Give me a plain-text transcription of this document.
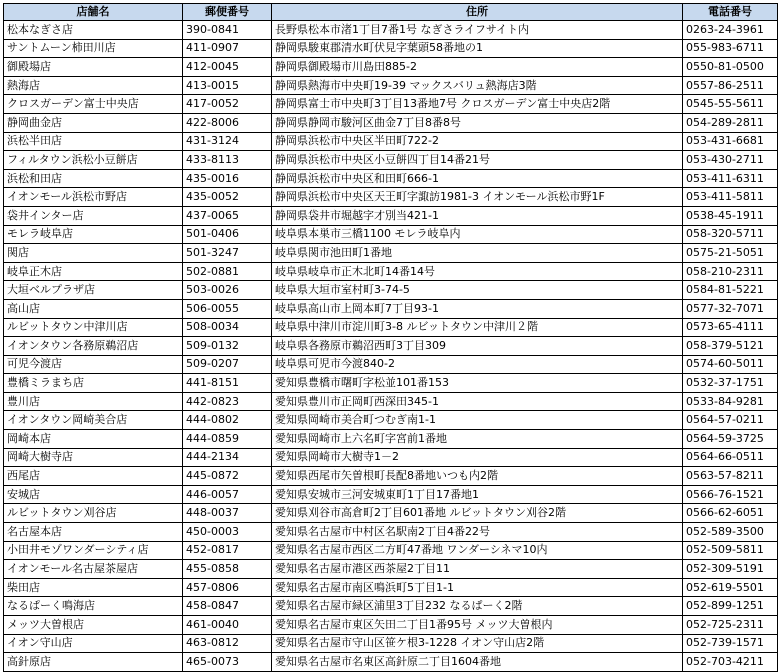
店舗名	郵便番号	住所	電話番号
松本なぎさ店	390-0841	長野県松本市渚1丁目7番1号 なぎさライフサイト内	0263-24-3961
サントムーン柿田川店	411-0907	静岡県駿東郡清水町伏見字葉頭58番地の1	055-983-6711
御殿場店	412-0045	静岡県御殿場市川島田885-2	0550-81-0500
熱海店	413-0015	静岡県熱海市中央町19-39 マックスバリュ熱海店3階	0557-86-2511
クロスガーデン富士中央店	417-0052	静岡県富士市中央町3丁目13番地7号 クロスガーデン富士中央店2階	0545-55-5611
静岡曲金店	422-8006	静岡県静岡市駿河区曲金7丁目8番8号	054-289-2811
浜松半田店	431-3124	静岡県浜松市中央区半田町722-2	053-431-6681
フィルタウン浜松小豆餅店	433-8113	静岡県浜松市中央区小豆餅四丁目14番21号	053-430-2711
浜松和田店	435-0016	静岡県浜松市中央区和田町666-1	053-411-6311
イオンモール浜松市野店	435-0052	静岡県浜松市中央区天王町字諏訪1981-3 イオンモール浜松市野1F	053-411-5811
袋井インター店	437-0065	静岡県袋井市堀越字才別当421-1	0538-45-1911
モレラ岐阜店	501-0406	岐阜県本巣市三橋1100 モレラ岐阜内	058-320-5711
関店	501-3247	岐阜県関市池田町1番地	0575-21-5051
岐阜正木店	502-0881	岐阜県岐阜市正木北町14番14号	058-210-2311
大垣ベルプラザ店	503-0026	岐阜県大垣市室村町3-74-5	0584-81-5221
高山店	506-0055	岐阜県高山市上岡本町7丁目93-1	0577-32-7071
ルビットタウン中津川店	508-0034	岐阜県中津川市淀川町3-8 ルビットタウン中津川２階	0573-65-4111
イオンタウン各務原鵜沼店	509-0132	岐阜県各務原市鵜沼西町3丁目309	058-379-5121
可児今渡店	509-0207	岐阜県可児市今渡840-2	0574-60-5011
豊橋ミラまち店	441-8151	愛知県豊橋市曙町字松並101番153	0532-37-1751
豊川店	442-0823	愛知県豊川市正岡町西深田345-1	0533-84-9281
イオンタウン岡崎美合店	444-0802	愛知県岡崎市美合町つむぎ南1-1	0564-57-0211
岡崎本店	444-0859	愛知県岡崎市上六名町字宮前1番地	0564-59-3725
岡崎大樹寺店	444-2134	愛知県岡崎市大樹寺1－2	0564-66-0511
西尾店	445-0872	愛知県西尾市矢曽根町長配8番地いつも内2階	0563-57-8211
安城店	446-0057	愛知県安城市三河安城東町1丁目17番地1	0566-76-1521
ルビットタウン刈谷店	448-0037	愛知県刈谷市高倉町2丁目601番地 ルビットタウン刈谷2階	0566-62-6051
名古屋本店	450-0003	愛知県名古屋市中村区名駅南2丁目4番22号	052-589-3500
小田井モゾワンダーシティ店	452-0817	愛知県名古屋市西区二方町47番地 ワンダーシネマ10内	052-509-5811
イオンモール名古屋茶屋店	455-0858	愛知県名古屋市港区西茶屋2丁目11	052-309-5191
柴田店	457-0806	愛知県名古屋市南区鳴浜町5丁目1-1	052-619-5501
なるぱーく鳴海店	458-0847	愛知県名古屋市緑区浦里3丁目232 なるぱーく2階	052-899-1251
メッツ大曽根店	461-0040	愛知県名古屋市東区矢田二丁目1番95号 メッツ大曽根内	052-725-2311
イオン守山店	463-0812	愛知県名古屋市守山区笹ケ根3-1228 イオン守山店2階	052-739-1571
高針原店	465-0073	愛知県名古屋市名東区高針原二丁目1604番地	052-703-4211
